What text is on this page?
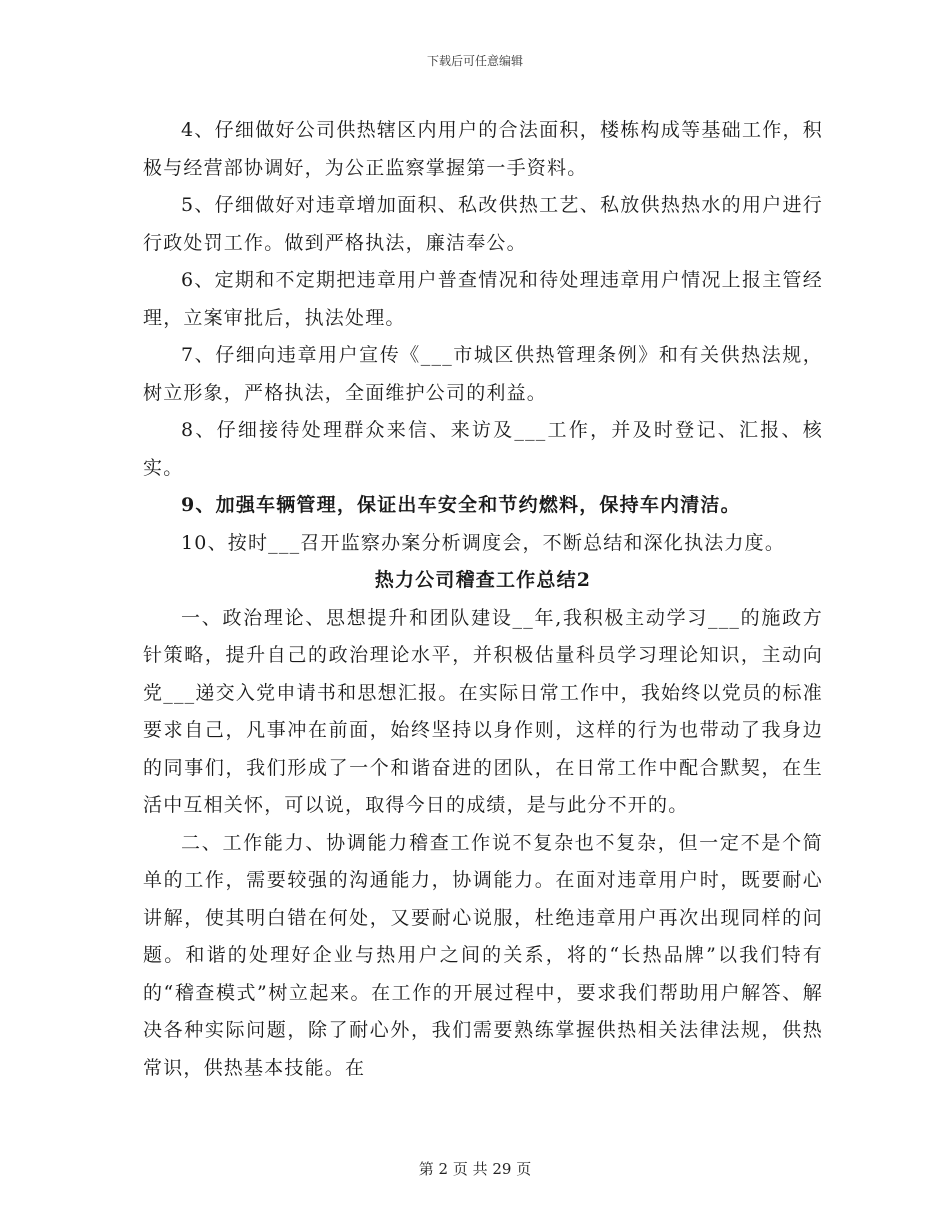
下载后可任意编辑

4、仔细做好公司供热辖区内用户的合法面积，楼栋构成等基础工作，积极与经营部协调好，为公正监察掌握第一手资料。

5、仔细做好对违章增加面积、私改供热工艺、私放供热热水的用户进行行政处罚工作。做到严格执法，廉洁奉公。

6、定期和不定期把违章用户普查情况和待处理违章用户情况上报主管经理，立案审批后，执法处理。

7、仔细向违章用户宣传《___市城区供热管理条例》和有关供热法规，树立形象，严格执法，全面维护公司的利益。

8、仔细接待处理群众来信、来访及___工作，并及时登记、汇报、核实。

9、加强车辆管理，保证出车安全和节约燃料，保持车内清洁。

10、按时___召开监察办案分析调度会，不断总结和深化执法力度。

热力公司稽查工作总结2

一、政治理论、思想提升和团队建设__年,我积极主动学习___的施政方针策略，提升自己的政治理论水平，并积极估量科员学习理论知识，主动向党___递交入党申请书和思想汇报。在实际日常工作中，我始终以党员的标准要求自己，凡事冲在前面，始终坚持以身作则，这样的行为也带动了我身边的同事们，我们形成了一个和谐奋进的团队，在日常工作中配合默契，在生活中互相关怀，可以说，取得今日的成绩，是与此分不开的。

二、工作能力、协调能力稽查工作说不复杂也不复杂，但一定不是个简单的工作，需要较强的沟通能力，协调能力。在面对违章用户时，既要耐心讲解，使其明白错在何处，又要耐心说服，杜绝违章用户再次出现同样的问题。和谐的处理好企业与热用户之间的关系，将的“长热品牌”以我们特有的“稽查模式”树立起来。在工作的开展过程中，要求我们帮助用户解答、解决各种实际问题，除了耐心外，我们需要熟练掌握供热相关法律法规，供热常识，供热基本技能。在

第 2 页 共 29 页
